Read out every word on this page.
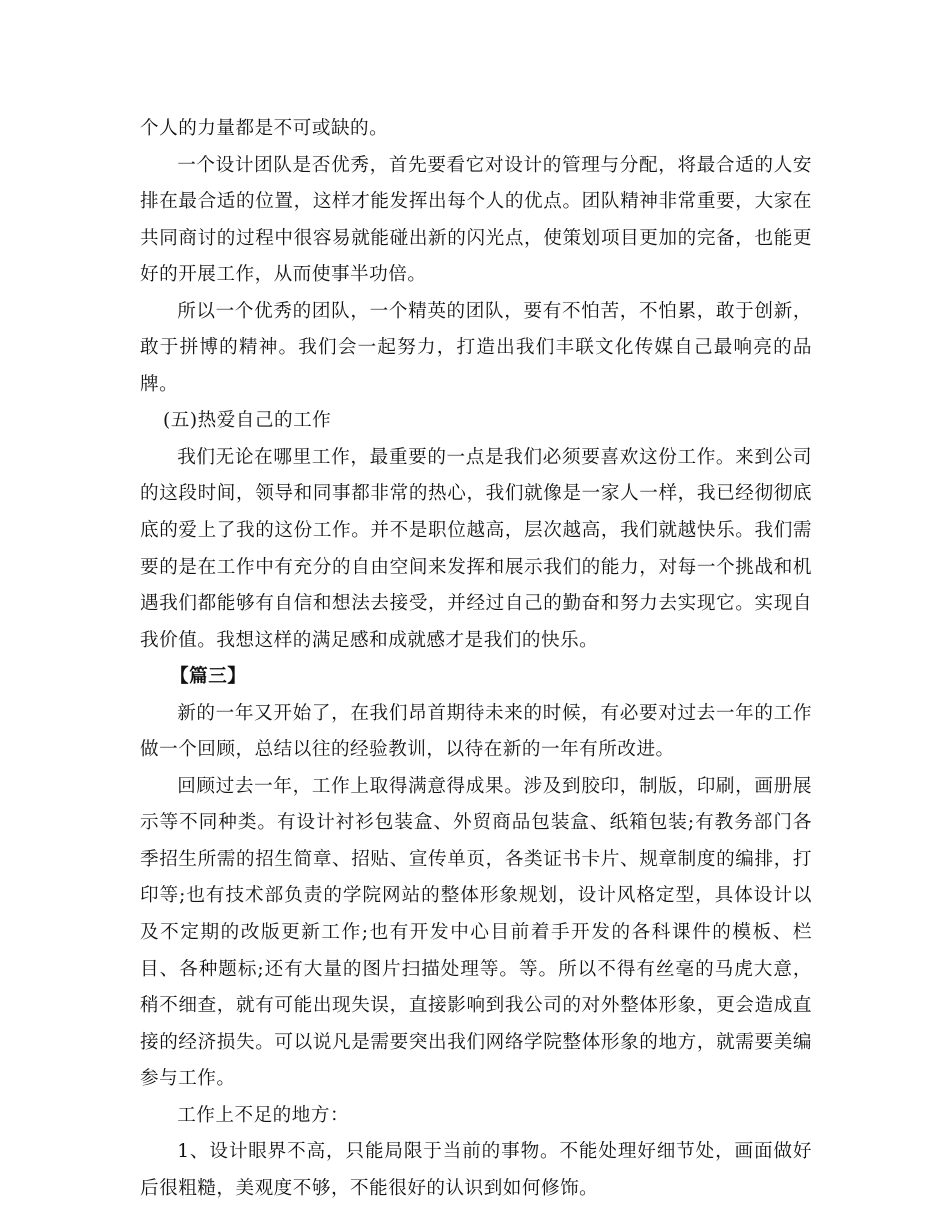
个人的力量都是不可或缺的。

一个设计团队是否优秀，首先要看它对设计的管理与分配，将最合适的人安排在最合适的位置，这样才能发挥出每个人的优点。团队精神非常重要，大家在共同商讨的过程中很容易就能碰出新的闪光点，使策划项目更加的完备，也能更好的开展工作，从而使事半功倍。

所以一个优秀的团队，一个精英的团队，要有不怕苦，不怕累，敢于创新，敢于拼博的精神。我们会一起努力，打造出我们丰联文化传媒自己最响亮的品牌。

(五)热爱自己的工作

我们无论在哪里工作，最重要的一点是我们必须要喜欢这份工作。来到公司的这段时间，领导和同事都非常的热心，我们就像是一家人一样，我已经彻彻底底的爱上了我的这份工作。并不是职位越高，层次越高，我们就越快乐。我们需要的是在工作中有充分的自由空间来发挥和展示我们的能力，对每一个挑战和机遇我们都能够有自信和想法去接受，并经过自己的勤奋和努力去实现它。实现自我价值。我想这样的满足感和成就感才是我们的快乐。

【篇三】

新的一年又开始了，在我们昂首期待未来的时候，有必要对过去一年的工作做一个回顾，总结以往的经验教训，以待在新的一年有所改进。

回顾过去一年，工作上取得满意得成果。涉及到胶印，制版，印刷，画册展示等不同种类。有设计衬衫包装盒、外贸商品包装盒、纸箱包装;有教务部门各季招生所需的招生简章、招贴、宣传单页，各类证书卡片、规章制度的编排，打印等;也有技术部负责的学院网站的整体形象规划，设计风格定型，具体设计以及不定期的改版更新工作;也有开发中心目前着手开发的各科课件的模板、栏目、各种题标;还有大量的图片扫描处理等。等。所以不得有丝毫的马虎大意，稍不细查，就有可能出现失误，直接影响到我公司的对外整体形象，更会造成直接的经济损失。可以说凡是需要突出我们网络学院整体形象的地方，就需要美编参与工作。

工作上不足的地方：

1、设计眼界不高，只能局限于当前的事物。不能处理好细节处，画面做好后很粗糙，美观度不够，不能很好的认识到如何修饰。
